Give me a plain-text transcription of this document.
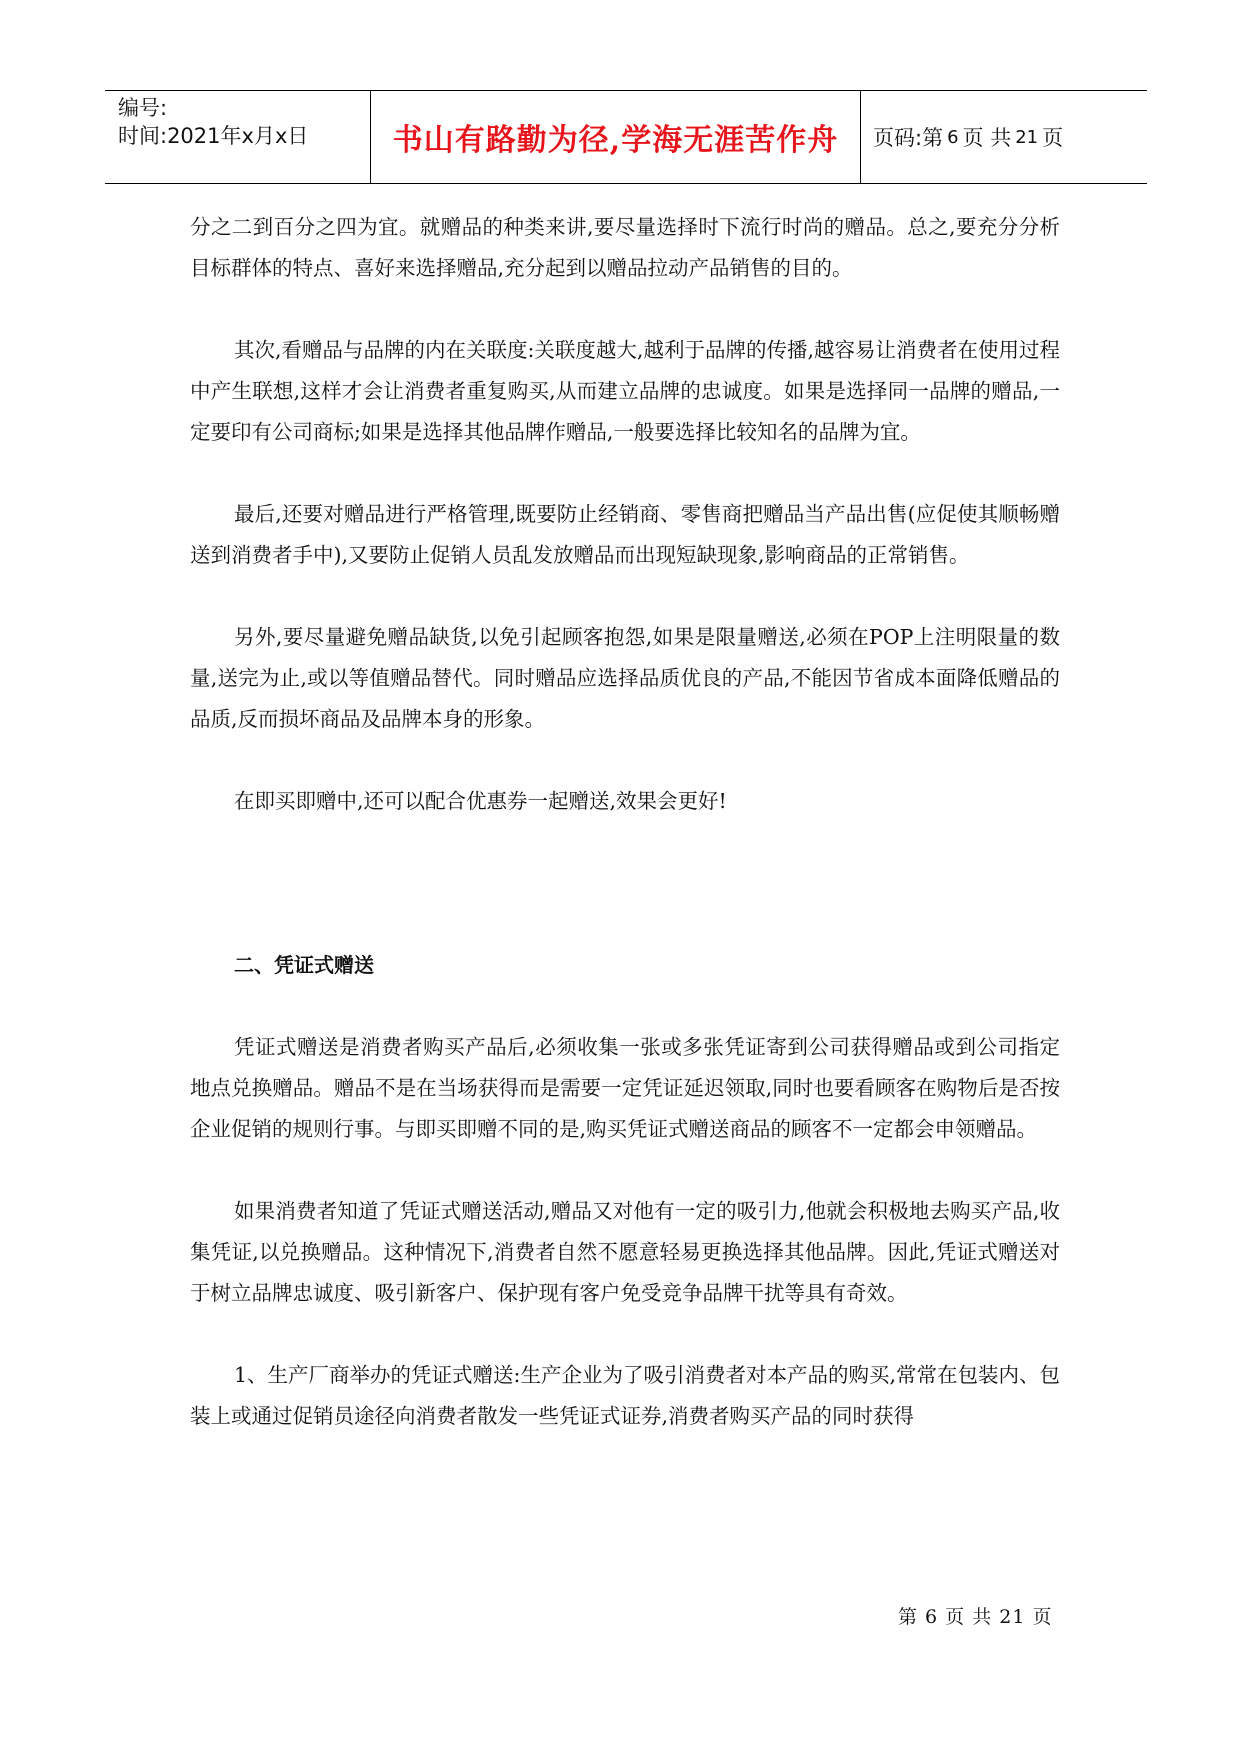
编号:
时间:2021年x月x日	书山有路勤为径,学海无涯苦作舟 页码:第 6 页 共 21 页

分之二到百分之四为宜。就赠品的种类来讲,要尽量选择时下流行时尚的赠品。总之,要充分分析目标群体的特点、喜好来选择赠品,充分起到以赠品拉动产品销售的目的。

其次,看赠品与品牌的内在关联度:关联度越大,越利于品牌的传播,越容易让消费者在使用过程中产生联想,这样才会让消费者重复购买,从而建立品牌的忠诚度。如果是选择同一品牌的赠品,一定要印有公司商标;如果是选择其他品牌作赠品,一般要选择比较知名的品牌为宜。

最后,还要对赠品进行严格管理,既要防止经销商、零售商把赠品当产品出售(应促使其顺畅赠送到消费者手中),又要防止促销人员乱发放赠品而出现短缺现象,影响商品的正常销售。

另外,要尽量避免赠品缺货,以免引起顾客抱怨,如果是限量赠送,必须在POP上注明限量的数量,送完为止,或以等值赠品替代。同时赠品应选择品质优良的产品,不能因节省成本面降低赠品的品质,反而损坏商品及品牌本身的形象。

在即买即赠中,还可以配合优惠券一起赠送,效果会更好!

二、凭证式赠送

凭证式赠送是消费者购买产品后,必须收集一张或多张凭证寄到公司获得赠品或到公司指定地点兑换赠品。赠品不是在当场获得而是需要一定凭证延迟领取,同时也要看顾客在购物后是否按企业促销的规则行事。与即买即赠不同的是,购买凭证式赠送商品的顾客不一定都会申领赠品。

如果消费者知道了凭证式赠送活动,赠品又对他有一定的吸引力,他就会积极地去购买产品,收集凭证,以兑换赠品。这种情况下,消费者自然不愿意轻易更换选择其他品牌。因此,凭证式赠送对于树立品牌忠诚度、吸引新客户、保护现有客户免受竞争品牌干扰等具有奇效。

1、生产厂商举办的凭证式赠送:生产企业为了吸引消费者对本产品的购买,常常在包装内、包装上或通过促销员途径向消费者散发一些凭证式证券,消费者购买产品的同时获得

第 6 页 共 21 页
